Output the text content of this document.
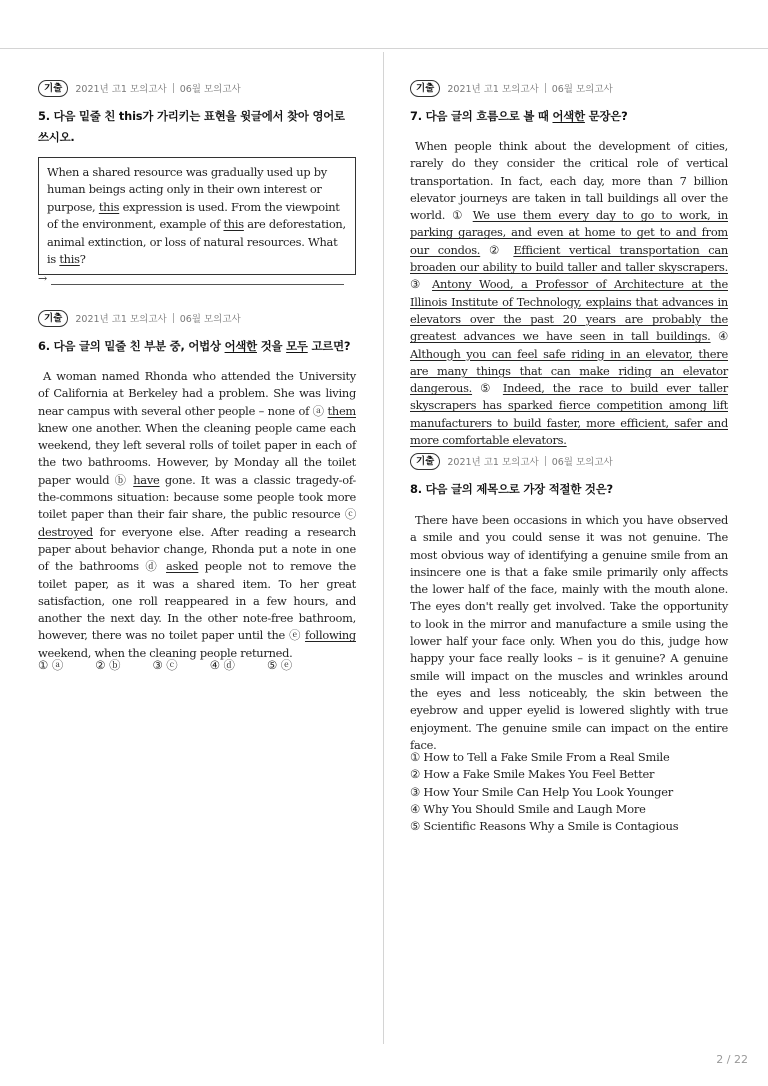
기출	2021년 고1 모의고사 06월 모의고사
5. 다음 밑줄 친 this가 가리키는 표현을 윗글에서 찾아 영어로 쓰시오.
When a shared resource was gradually used up by human beings acting only in their own interest or purpose, this expression is used. From the viewpoint of the environment, example of this are deforestation, animal extinction, or loss of natural resources. What is this?
→
기출	2021년 고1 모의고사 06월 모의고사
6. 다음 글의 밑줄 친 부분 중, 어법상 어색한 것을 모두 고르면?
A woman named Rhonda who attended the University of California at Berkeley had a problem. She was living near campus with several other people – none of ⓐ them knew one another. When the cleaning people came each weekend, they left several rolls of toilet paper in each of the two bathrooms. However, by Monday all the toilet paper would ⓑ have gone. It was a classic tragedy-of-the-commons situation: because some people took more toilet paper than their fair share, the public resource ⓒ destroyed for everyone else. After reading a research paper about behavior change, Rhonda put a note in one of the bathrooms ⓓ asked people not to remove the toilet paper, as it was a shared item. To her great satisfaction, one roll reappeared in a few hours, and another the next day. In the other note-free bathroom, however, there was no toilet paper until the ⓔ following weekend, when the cleaning people returned.
① ⓐ	② ⓑ	③ ⓒ	④ ⓓ	⑤ ⓔ
기출	2021년 고1 모의고사 06월 모의고사
7. 다음 글의 흐름으로 볼 때 어색한 문장은?
When people think about the development of cities, rarely do they consider the critical role of vertical transportation. In fact, each day, more than 7 billion elevator journeys are taken in tall buildings all over the world. ① We use them every day to go to work, in parking garages, and even at home to get to and from our condos. ② Efficient vertical transportation can broaden our ability to build taller and taller skyscrapers. ③ Antony Wood, a Professor of Architecture at the Illinois Institute of Technology, explains that advances in elevators over the past 20 years are probably the greatest advances we have seen in tall buildings. ④ Although you can feel safe riding in an elevator, there are many things that can make riding an elevator dangerous. ⑤ Indeed, the race to build ever taller skyscrapers has sparked fierce competition among lift manufacturers to build faster, more efficient, safer and more comfortable elevators.
기출	2021년 고1 모의고사 06월 모의고사
8. 다음 글의 제목으로 가장 적절한 것은?
There have been occasions in which you have observed a smile and you could sense it was not genuine. The most obvious way of identifying a genuine smile from an insincere one is that a fake smile primarily only affects the lower half of the face, mainly with the mouth alone. The eyes don't really get involved. Take the opportunity to look in the mirror and manufacture a smile using the lower half your face only. When you do this, judge how happy your face really looks – is it genuine? A genuine smile will impact on the muscles and wrinkles around the eyes and less noticeably, the skin between the eyebrow and upper eyelid is lowered slightly with true enjoyment. The genuine smile can impact on the entire face.
① How to Tell a Fake Smile From a Real Smile
② How a Fake Smile Makes You Feel Better
③ How Your Smile Can Help You Look Younger
④ Why You Should Smile and Laugh More
⑤ Scientific Reasons Why a Smile is Contagious
2 / 22
